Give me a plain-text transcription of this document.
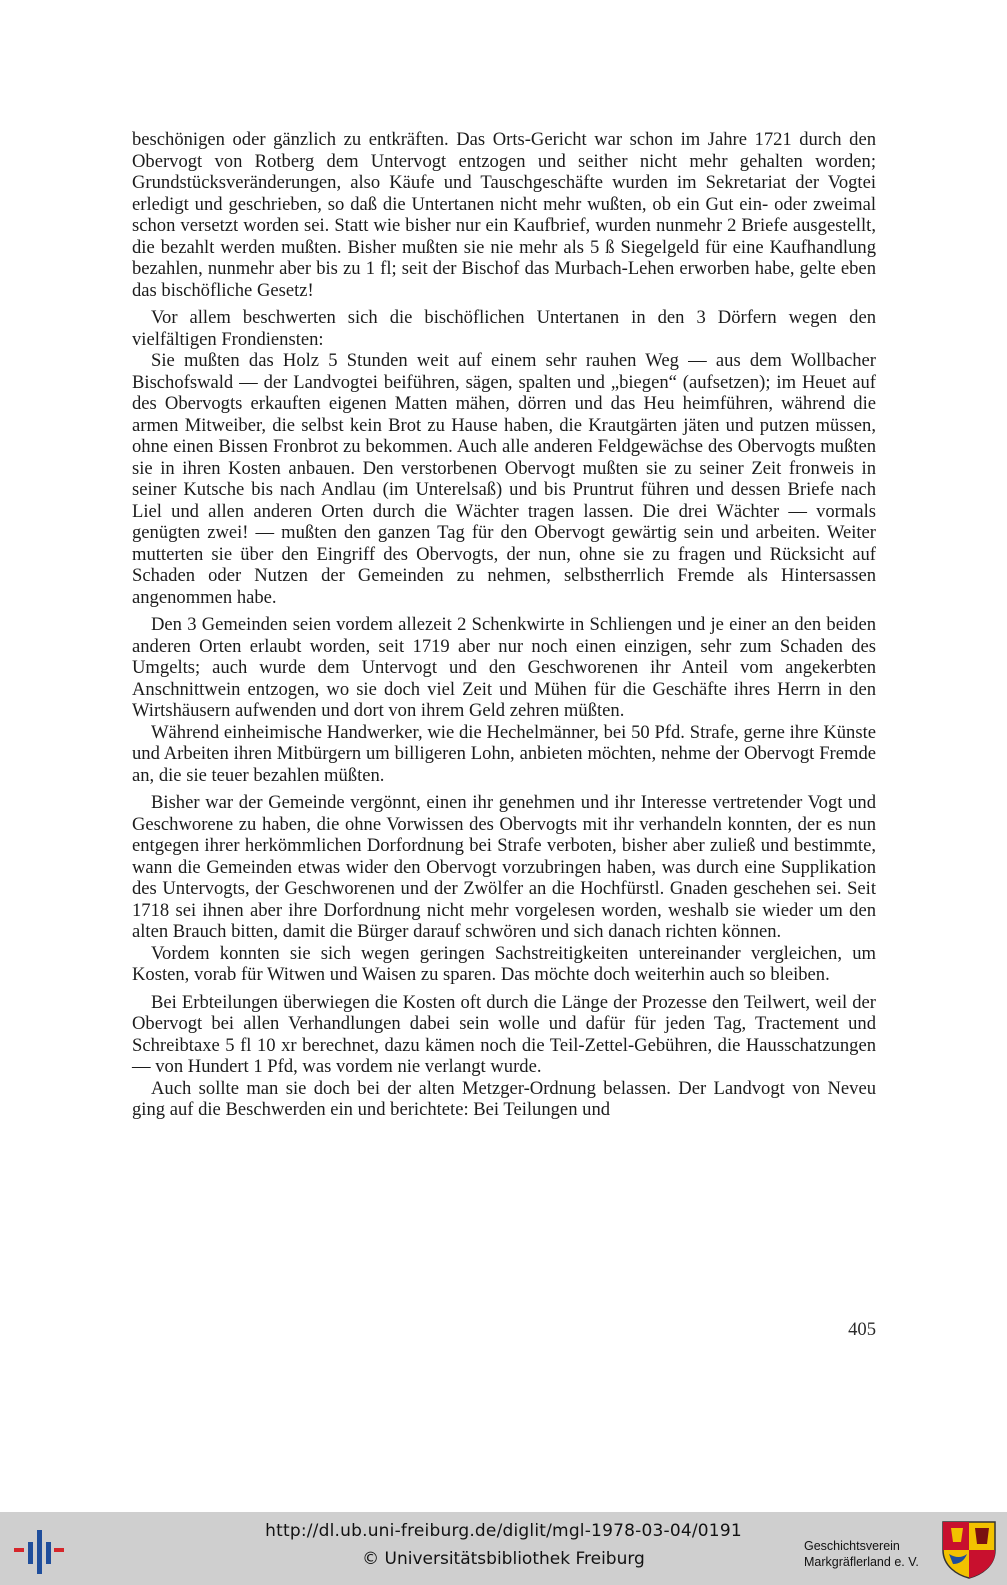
beschönigen oder gänzlich zu entkräften. Das Orts-Gericht war schon im Jahre 1721 durch den Obervogt von Rotberg dem Untervogt entzogen und seither nicht mehr gehalten worden; Grundstücksveränderungen, also Käufe und Tauschgeschäfte wurden im Sekretariat der Vogtei erledigt und geschrieben, so daß die Untertanen nicht mehr wußten, ob ein Gut ein- oder zweimal schon versetzt worden sei. Statt wie bisher nur ein Kaufbrief, wurden nunmehr 2 Briefe ausgestellt, die bezahlt werden mußten. Bisher mußten sie nie mehr als 5 ß Siegelgeld für eine Kaufhandlung bezahlen, nunmehr aber bis zu 1 fl; seit der Bischof das Murbach-Lehen erworben habe, gelte eben das bischöfliche Gesetz!

Vor allem beschwerten sich die bischöflichen Untertanen in den 3 Dörfern wegen den vielfältigen Frondiensten:

Sie mußten das Holz 5 Stunden weit auf einem sehr rauhen Weg — aus dem Wollbacher Bischofswald — der Landvogtei beiführen, sägen, spalten und „biegen“ (aufsetzen); im Heuet auf des Obervogts erkauften eigenen Matten mähen, dörren und das Heu heimführen, während die armen Mitweiber, die selbst kein Brot zu Hause haben, die Krautgärten jäten und putzen müssen, ohne einen Bissen Fronbrot zu bekommen. Auch alle anderen Feldgewächse des Obervogts mußten sie in ihren Kosten anbauen. Den verstorbenen Obervogt mußten sie zu seiner Zeit fronweis in seiner Kutsche bis nach Andlau (im Unterelsaß) und bis Pruntrut führen und dessen Briefe nach Liel und allen anderen Orten durch die Wächter tragen lassen. Die drei Wächter — vormals genügten zwei! — mußten den ganzen Tag für den Obervogt gewärtig sein und arbeiten. Weiter mutterten sie über den Eingriff des Obervogts, der nun, ohne sie zu fragen und Rücksicht auf Schaden oder Nutzen der Gemeinden zu nehmen, selbstherrlich Fremde als Hintersassen angenommen habe.

Den 3 Gemeinden seien vordem allezeit 2 Schenkwirte in Schliengen und je einer an den beiden anderen Orten erlaubt worden, seit 1719 aber nur noch einen einzigen, sehr zum Schaden des Umgelts; auch wurde dem Untervogt und den Geschworenen ihr Anteil vom angekerbten Anschnittwein entzogen, wo sie doch viel Zeit und Mühen für die Geschäfte ihres Herrn in den Wirtshäusern aufwenden und dort von ihrem Geld zehren müßten.

Während einheimische Handwerker, wie die Hechelmänner, bei 50 Pfd. Strafe, gerne ihre Künste und Arbeiten ihren Mitbürgern um billigeren Lohn, anbieten möchten, nehme der Obervogt Fremde an, die sie teuer bezahlen müßten.

Bisher war der Gemeinde vergönnt, einen ihr genehmen und ihr Interesse vertretender Vogt und Geschworene zu haben, die ohne Vorwissen des Obervogts mit ihr verhandeln konnten, der es nun entgegen ihrer herkömmlichen Dorfordnung bei Strafe verboten, bisher aber zuließ und bestimmte, wann die Gemeinden etwas wider den Obervogt vorzubringen haben, was durch eine Supplikation des Untervogts, der Geschworenen und der Zwölfer an die Hochfürstl. Gnaden geschehen sei. Seit 1718 sei ihnen aber ihre Dorfordnung nicht mehr vorgelesen worden, weshalb sie wieder um den alten Brauch bitten, damit die Bürger darauf schwören und sich danach richten können.

Vordem konnten sie sich wegen geringen Sachstreitigkeiten untereinander vergleichen, um Kosten, vorab für Witwen und Waisen zu sparen. Das möchte doch weiterhin auch so bleiben.

Bei Erbteilungen überwiegen die Kosten oft durch die Länge der Prozesse den Teilwert, weil der Obervogt bei allen Verhandlungen dabei sein wolle und dafür für jeden Tag, Tractement und Schreibtaxe 5 fl 10 xr berechnet, dazu kämen noch die Teil-Zettel-Gebühren, die Hausschatzungen — von Hundert 1 Pfd, was vordem nie verlangt wurde.

Auch sollte man sie doch bei der alten Metzger-Ordnung belassen. Der Landvogt von Neveu ging auf die Beschwerden ein und berichtete: Bei Teilungen und

405
http://dl.ub.uni-freiburg.de/diglit/mgl-1978-03-04/0191
© Universitätsbibliothek Freiburg
Geschichtsverein
Markgräflerland e. V.
